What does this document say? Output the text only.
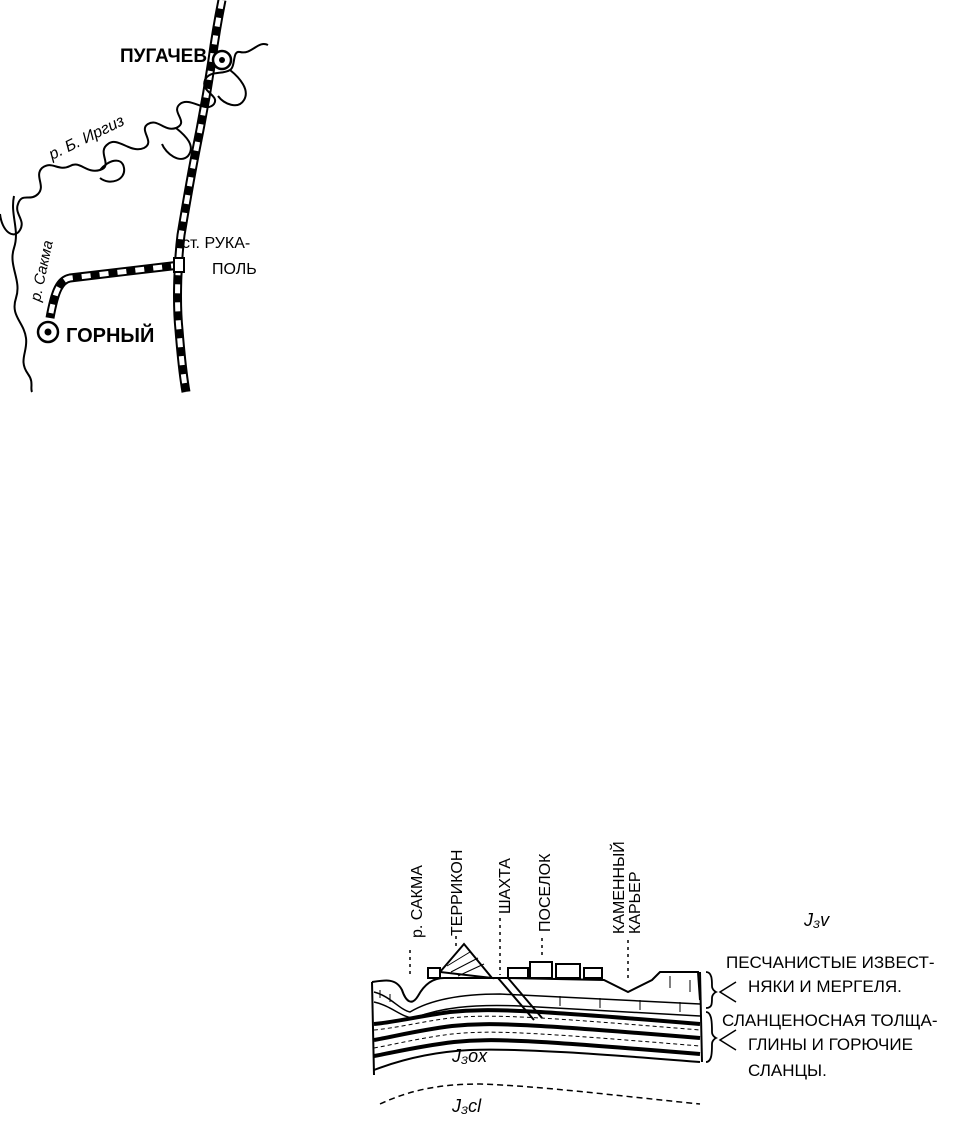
ПУГАЧЕВ
р. Б. Иргиз
р. Сакма	ст. РУКА-
ПОЛЬ
ГОРНЫЙ
р. САКМА ТЕРРИКОН ШАХТА ПОСЕЛОК	КАМЕННЫЙ КАРЬЕР
J₃ox
J₃cl
J₃v
ПЕСЧАНИСТЫЕ ИЗВЕСТ-
НЯКИ И МЕРГЕЛЯ.
СЛАНЦЕНОСНАЯ ТОЛЩА-
ГЛИНЫ И ГОРЮЧИЕ
СЛАНЦЫ.
